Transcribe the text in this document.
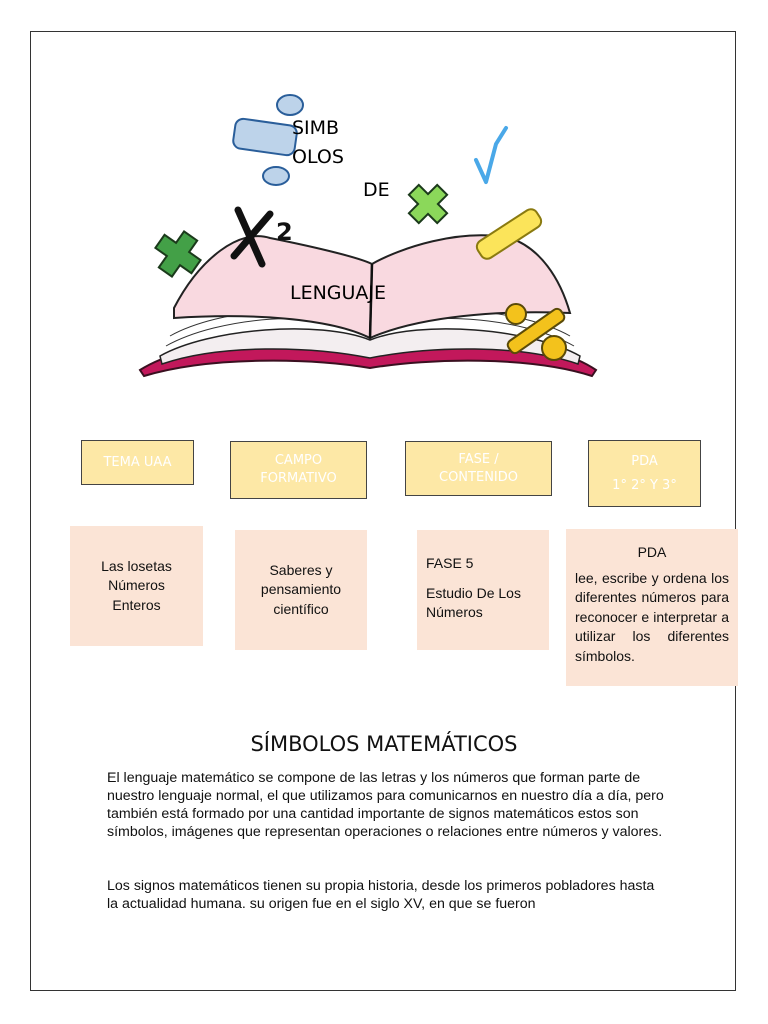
2
SIMB
OLOS
DE
LENGUAJE
TEMA UAA	CAMPO
FORMATIVO
FASE /
CONTENIDO
PDA
1° 2° Y 3°
Las losetas
Números
Enteros
Saberes y
pensamiento
científico
FASE 5
Estudio De Los
Números
PDA
lee, escribe y ordena los diferentes números para reconocer e interpretar a utilizar los diferentes símbolos.
SÍMBOLOS MATEMÁTICOS
El lenguaje matemático se compone de las letras y los números que forman parte de nuestro lenguaje normal, el que utilizamos para comunicarnos en nuestro día a día, pero también está formado por una cantidad importante de signos matemáticos estos son símbolos, imágenes que representan operaciones o relaciones entre números y valores.
Los signos matemáticos tienen su propia historia, desde los primeros pobladores hasta la actualidad humana. su origen fue en el siglo XV, en que se fueron
